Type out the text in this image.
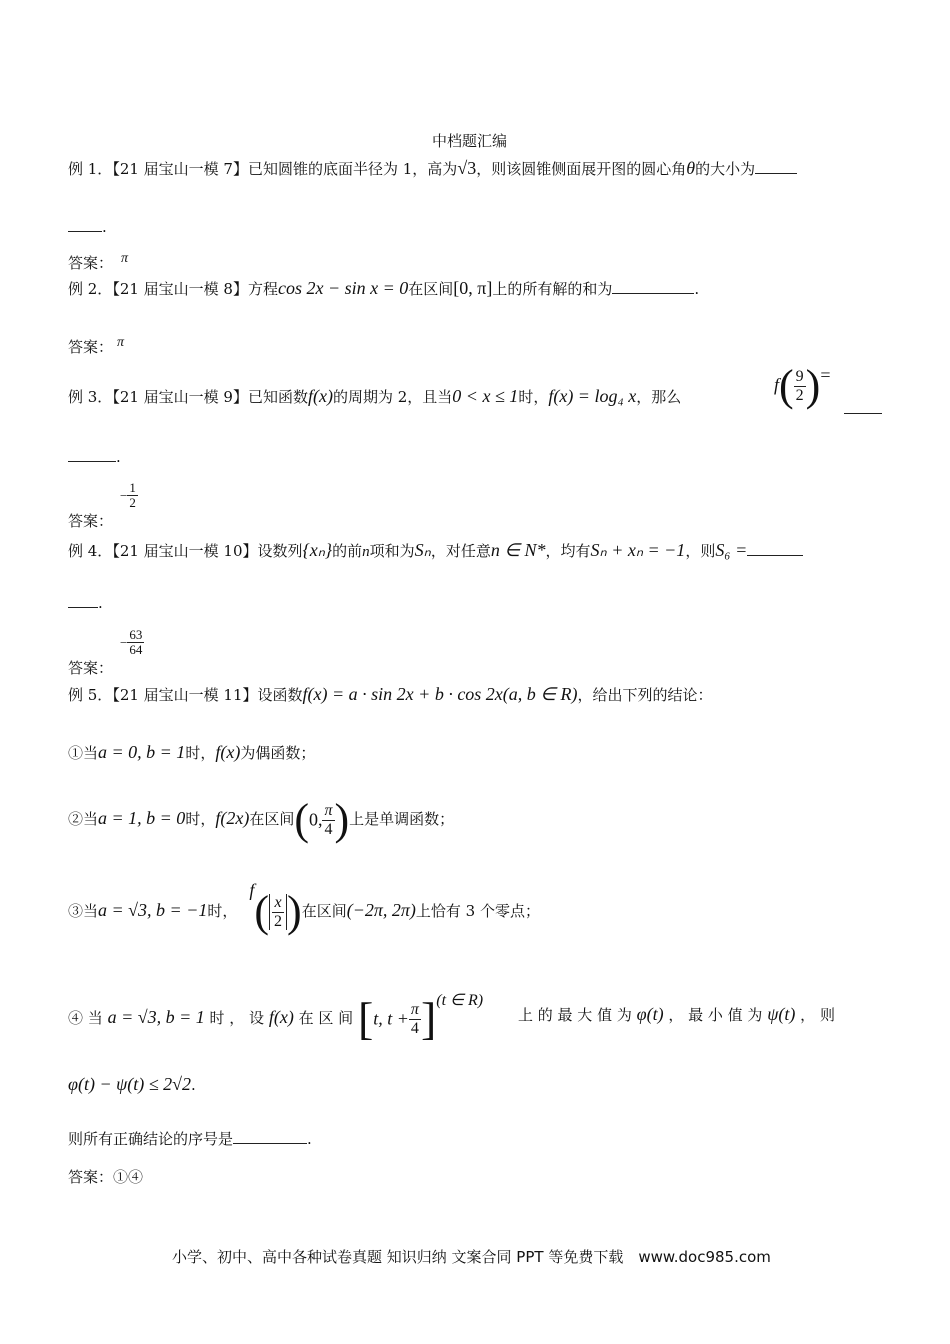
中档题汇编
例 1．【21 届宝山一模 7】已知圆锥的底面半径为 1，高为√3，则该圆锥侧面展开图的圆心角θ的大小为
.
答案： π
例 2．【21 届宝山一模 8】方程cos 2x − sin x = 0在区间[0, π]上的所有解的和为	.
答案： π
例 3．【21 届宝山一模 9】已知函数f(x)的周期为 2，且当0 < x ≤ 1时，f(x) = log₄ x，那么
$f( \frac{9}{2}$ )=
.
答案：
− $\frac{1}{2}$
例 4．【21 届宝山一模 10】设数列{xₙ}的前n项和为Sₙ，对任意n ∈ N*，均有Sₙ + xₙ = −1，则S₆ =
.
答案：
− $\frac{63}{64}$
例 5．【21 届宝山一模 11】设函数f(x) = a · sin 2x + b · cos 2x(a, b ∈ R)，给出下列的结论：
①当a = 0, b = 1时，f(x)为偶函数；
②当a = 1, b = 0时，f(2x)在区间(0, $\frac{\pi}{4}$ )上是单调函数；
③当a = √3, b = −1时，$f( \frac{x}{2}$ )在区间(−2π, 2π)上恰有 3 个零点；
④ 当 a = √3, b = 1 时 ， 设 f(x) 在 区 间 [t, $t + \frac{\pi}{4} ](t$ ∈ R)
上 的 最 大 值 为 φ(t) ， 最 小 值 为 ψ(t) ， 则
φ(t) − ψ(t) ≤ 2√2.
则所有正确结论的序号是	.
答案：①④
小学、初中、高中各种试卷真题 知识归纳 文案合同 PPT 等免费下载　www.doc985.com
